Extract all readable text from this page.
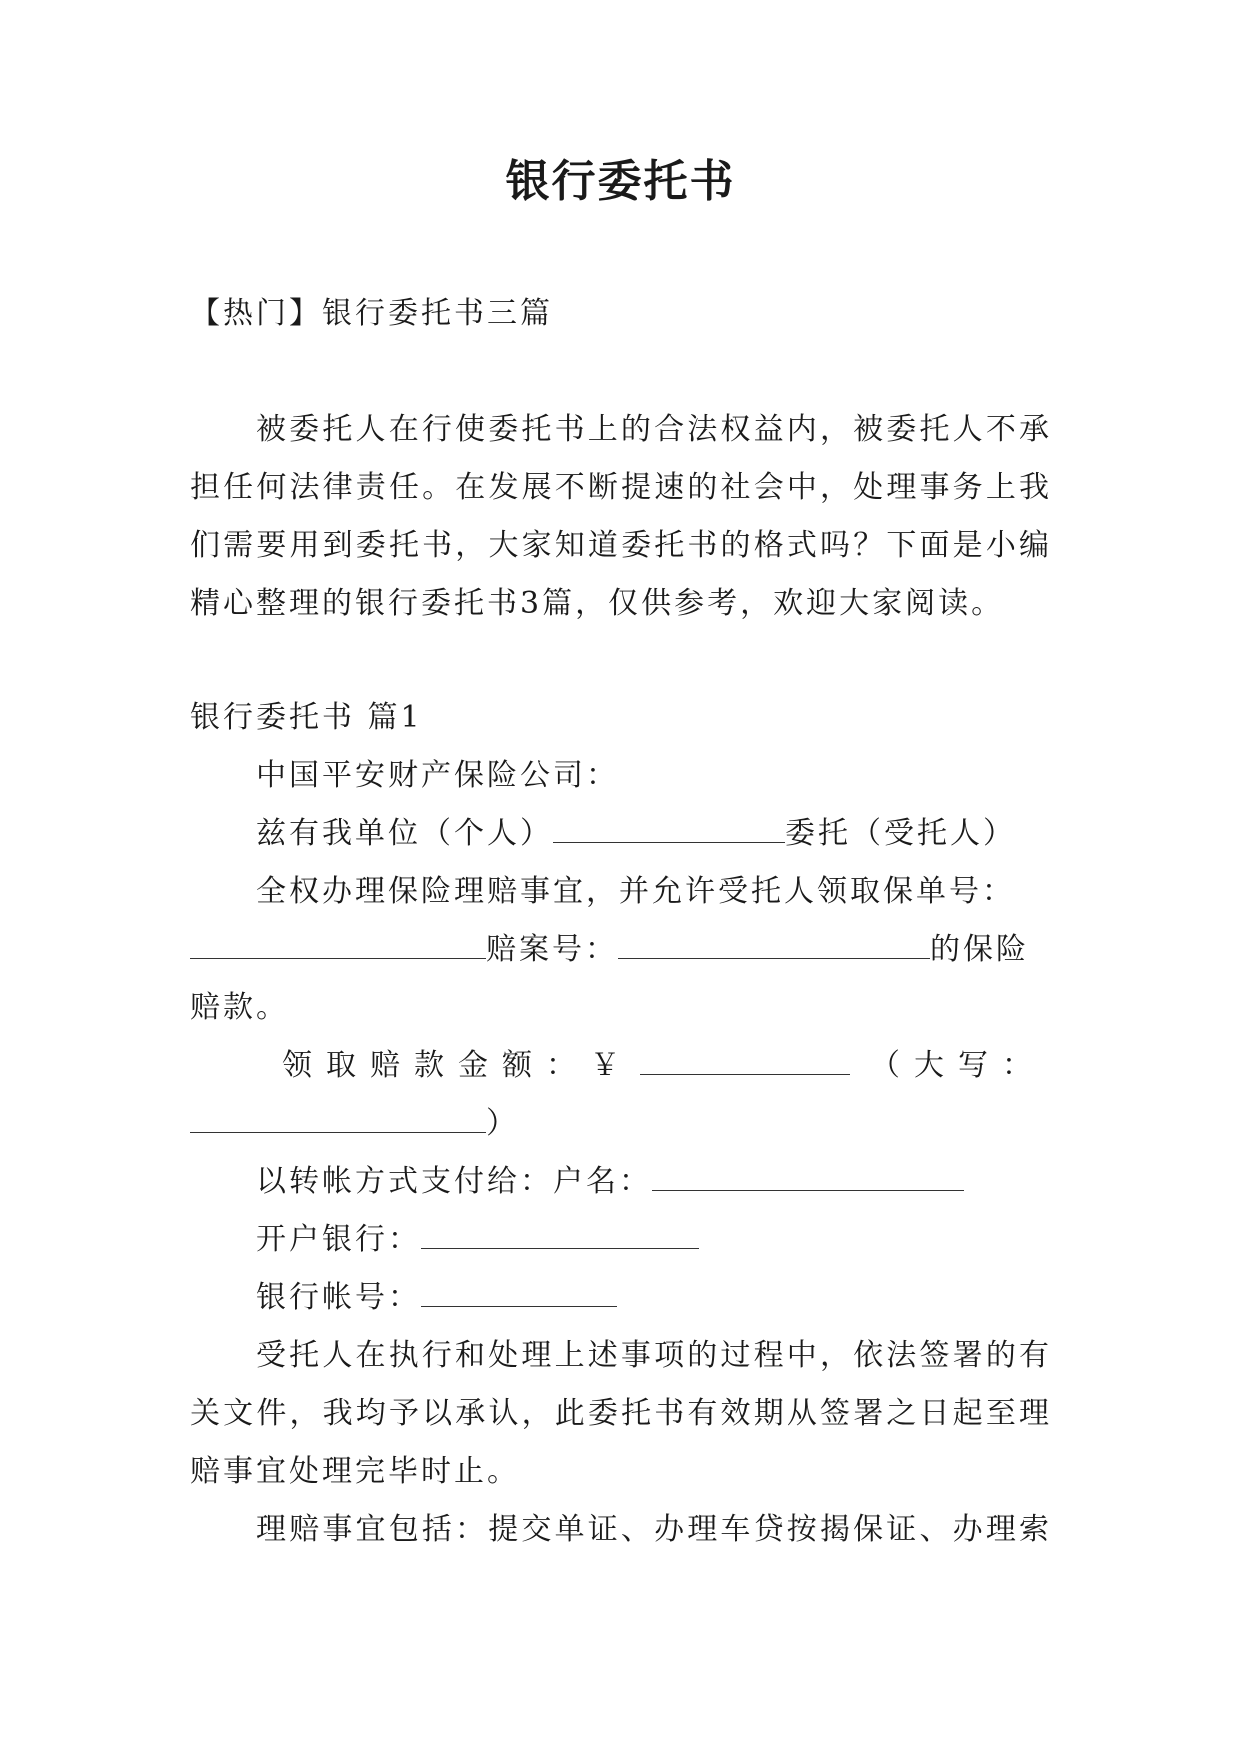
银行委托书
【热门】银行委托书三篇
被委托人在行使委托书上的合法权益内，被委托人不承
担任何法律责任。在发展不断提速的社会中，处理事务上我
们需要用到委托书，大家知道委托书的格式吗？下面是小编
精心整理的银行委托书3篇，仅供参考，欢迎大家阅读。
银行委托书 篇1
中国平安财产保险公司：
兹有我单位（个人）	委托（受托人）
全权办理保险理赔事宜，并允许受托人领取保单号：
赔案号：	的保险
赔款。
领取赔款金额：￥	（大写：
）
以转帐方式支付给：户名：
开户银行：
银行帐号：
受托人在执行和处理上述事项的过程中，依法签署的有
关文件，我均予以承认，此委托书有效期从签署之日起至理
赔事宜处理完毕时止。
理赔事宜包括：提交单证、办理车贷按揭保证、办理索
